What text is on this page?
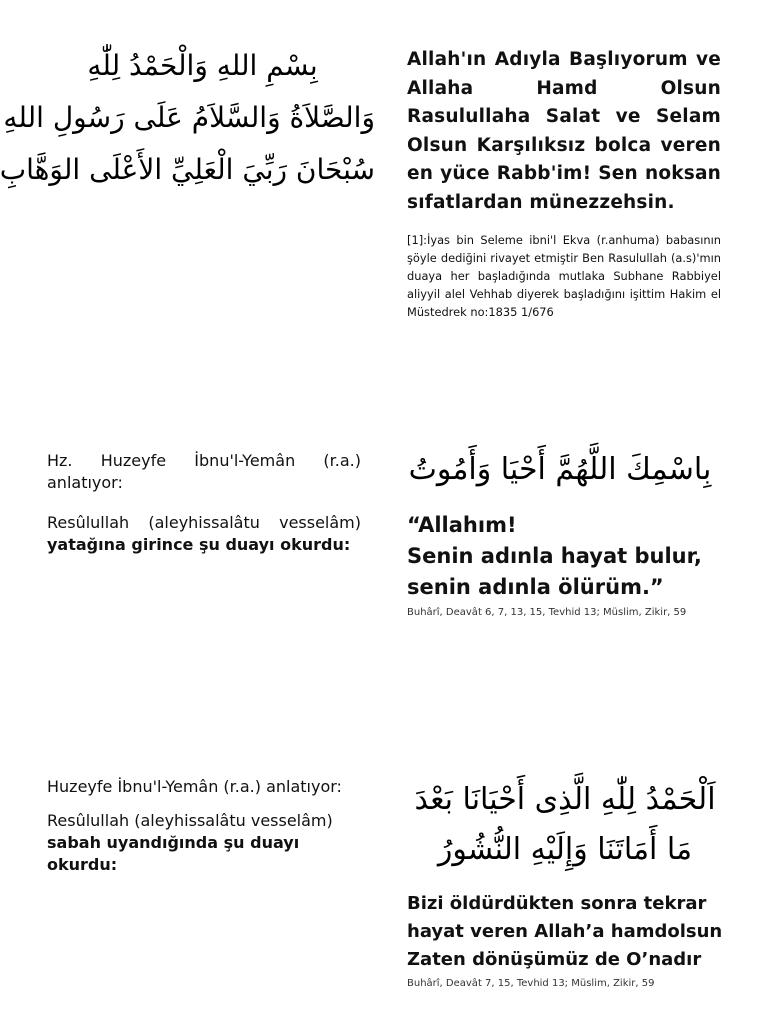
بِسْمِ اللهِ وَالْحَمْدُ لِلّٰهِ
وَالصَّلاَةُ وَالسَّلاَمُ عَلَى رَسُولِ اللهِ
سُبْحَانَ رَبِّيَ الْعَلِيِّ الأَعْلَى الوَهَّابِ
Allah'ın Adıyla Başlıyorum ve Allaha Hamd Olsun Rasulullaha Salat ve Selam Olsun Karşılıksız bolca veren en yüce Rabb'im! Sen noksan sıfatlardan münezzehsin.
[1]:İyas bin Seleme ibni'l Ekva (r.anhuma) babasının şöyle dediğini rivayet etmiştir Ben Rasulullah (a.s)'mın duaya her başladığında mutlaka Subhane Rabbiyel aliyyil alel Vehhab diyerek başladığını işittim Hakim el Müstedrek no:1835 1/676

Hz. Huzeyfe İbnu'l-Yemân (r.a.) anlatıyor:

Resûlullah (aleyhissalâtu vesselâm)

yatağına girince şu duayı okurdu:

بِاسْمِكَ اللَّهُمَّ أَحْيَا وَأَمُوتُ
“Allahım!
Senin adınla hayat bulur,
senin adınla ölürüm.”
Buhârî, Deavât 6, 7, 13, 15, Tevhid 13; Müslim, Zikir, 59

Huzeyfe İbnu'l-Yemân (r.a.) anlatıyor:

Resûlullah (aleyhissalâtu vesselâm)

sabah uyandığında şu duayı okurdu:

اَلْحَمْدُ لِلّٰهِ الَّذِى أَحْيَانَا بَعْدَ
مَا أَمَاتَنَا وَإِلَيْهِ النُّشُورُ
Bizi öldürdükten sonra tekrar
hayat veren Allah’a hamdolsun
Zaten dönüşümüz de O’nadır
Buhârî, Deavât 7, 15, Tevhid 13; Müslim, Zikir, 59
